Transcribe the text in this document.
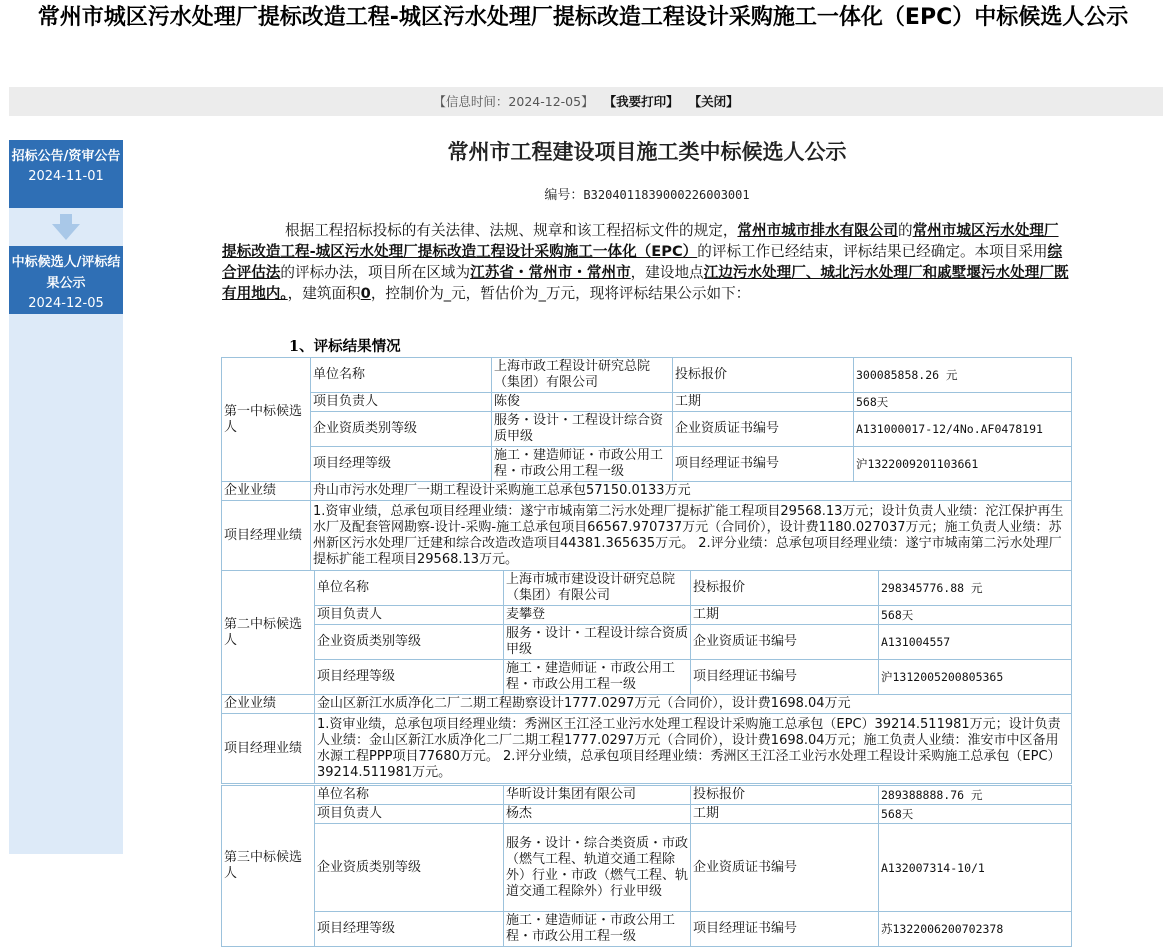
常州市城区污水处理厂提标改造工程-城区污水处理厂提标改造工程设计采购施工一体化（EPC）中标候选人公示
【信息时间：2024-12-05】 【我要打印】 【关闭】
招标公告/资审公告
2024-11-01
中标候选人/评标结果公示
2024-12-05
常州市工程建设项目施工类中标候选人公示
编号：B3204011839000226003001

根据工程招标投标的有关法律、法规、规章和该工程招标文件的规定，常州市城市排水有限公司的常州市城区污水处理厂提标改造工程-城区污水处理厂提标改造工程设计采购施工一体化（EPC）的评标工作已经结束，评标结果已经确定。本项目采用综合评估法的评标办法，项目所在区域为江苏省・常州市・常州市，建设地点江边污水处理厂、城北污水处理厂和戚墅堰污水处理厂既有用地内。，建筑面积0，控制价为_元，暂估价为_万元，现将评标结果公示如下：

1、评标结果情况
第一中标候选人	单位名称	上海市政工程设计研究总院（集团）有限公司	投标报价	300085858.26 元
	项目负责人	陈俊	工期	568天
	企业资质类别等级	服务・设计・工程设计综合资质甲级	企业资质证书编号	A131000017-12/4No.AF0478191
	项目经理等级	施工・建造师证・市政公用工程・市政公用工程一级	项目经理证书编号	沪1322009201103661
企业业绩	舟山市污水处理厂一期工程设计采购施工总承包57150.0133万元			
项目经理业绩	1.资审业绩，总承包项目经理业绩：遂宁市城南第二污水处理厂提标扩能工程项目29568.13万元；设计负责人业绩：沱江保护再生水厂及配套管网勘察-设计-采购-施工总承包项目66567.970737万元（合同价），设计费1180.027037万元；施工负责人业绩：苏州新区污水处理厂迁建和综合改造改造项目44381.365635万元。 2.评分业绩：总承包项目经理业绩：遂宁市城南第二污水处理厂提标扩能工程项目29568.13万元。			
第二中标候选人	单位名称	上海市城市建设设计研究总院（集团）有限公司	投标报价	298345776.88 元
	项目负责人	麦攀登	工期	568天
	企业资质类别等级	服务・设计・工程设计综合资质甲级	企业资质证书编号	A131004557
	项目经理等级	施工・建造师证・市政公用工程・市政公用工程一级	项目经理证书编号	沪1312005200805365
企业业绩	金山区新江水质净化二厂二期工程勘察设计1777.0297万元（合同价），设计费1698.04万元			
项目经理业绩	1.资审业绩，总承包项目经理业绩：秀洲区王江泾工业污水处理工程设计采购施工总承包（EPC）39214.511981万元；设计负责人业绩：金山区新江水质净化二厂二期工程1777.0297万元（合同价），设计费1698.04万元；施工负责人业绩：淮安市中区备用水源工程PPP项目77680万元。 2.评分业绩，总承包项目经理业绩：秀洲区王江泾工业污水处理工程设计采购施工总承包（EPC）39214.511981万元。			
第三中标候选人	单位名称	华昕设计集团有限公司	投标报价	289388888.76 元
	项目负责人	杨杰	工期	568天
	企业资质类别等级	服务・设计・综合类资质・市政（燃气工程、轨道交通工程除外）行业・市政（燃气工程、轨道交通工程除外）行业甲级	企业资质证书编号	A132007314-10/1
	项目经理等级	施工・建造师证・市政公用工程・市政公用工程一级	项目经理证书编号	苏1322006200702378
